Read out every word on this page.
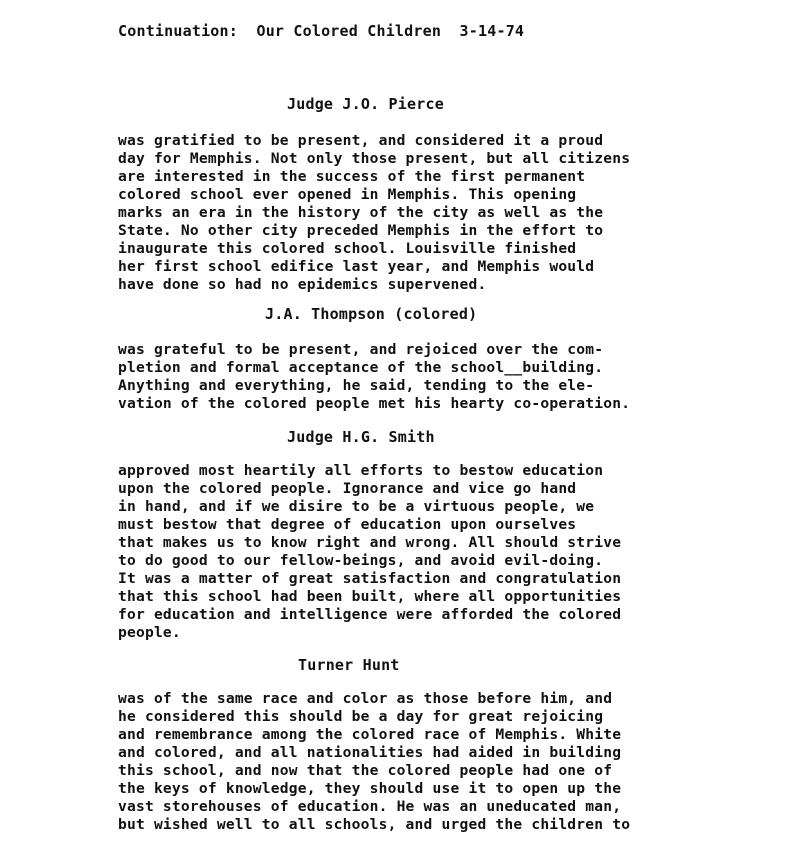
Continuation:  Our Colored Children  3-14-74
Judge J.O. Pierce
was gratified to be present, and considered it a proud
day for Memphis. Not only those present, but all citizens
are interested in the success of the first permanent
colored school ever opened in Memphis. This opening
marks an era in the history of the city as well as the
State. No other city preceded Memphis in the effort to
inaugurate this colored school. Louisville finished
her first school edifice last year, and Memphis would
have done so had no epidemics supervened.
J.A. Thompson (colored)
was grateful to be present, and rejoiced over the com-
pletion and formal acceptance of the school__building.
Anything and everything, he said, tending to the ele-
vation of the colored people met his hearty co-operation.
Judge H.G. Smith
approved most heartily all efforts to bestow education
upon the colored people. Ignorance and vice go hand
in hand, and if we disire to be a virtuous people, we
must bestow that degree of education upon ourselves
that makes us to know right and wrong. All should strive
to do good to our fellow-beings, and avoid evil-doing.
It was a matter of great satisfaction and congratulation
that this school had been built, where all opportunities
for education and intelligence were afforded the colored
people.
Turner Hunt
was of the same race and color as those before him, and
he considered this should be a day for great rejoicing
and remembrance among the colored race of Memphis. White
and colored, and all nationalities had aided in building
this school, and now that the colored people had one of
the keys of knowledge, they should use it to open up the
vast storehouses of education. He was an uneducated man,
but wished well to all schools, and urged the children to
